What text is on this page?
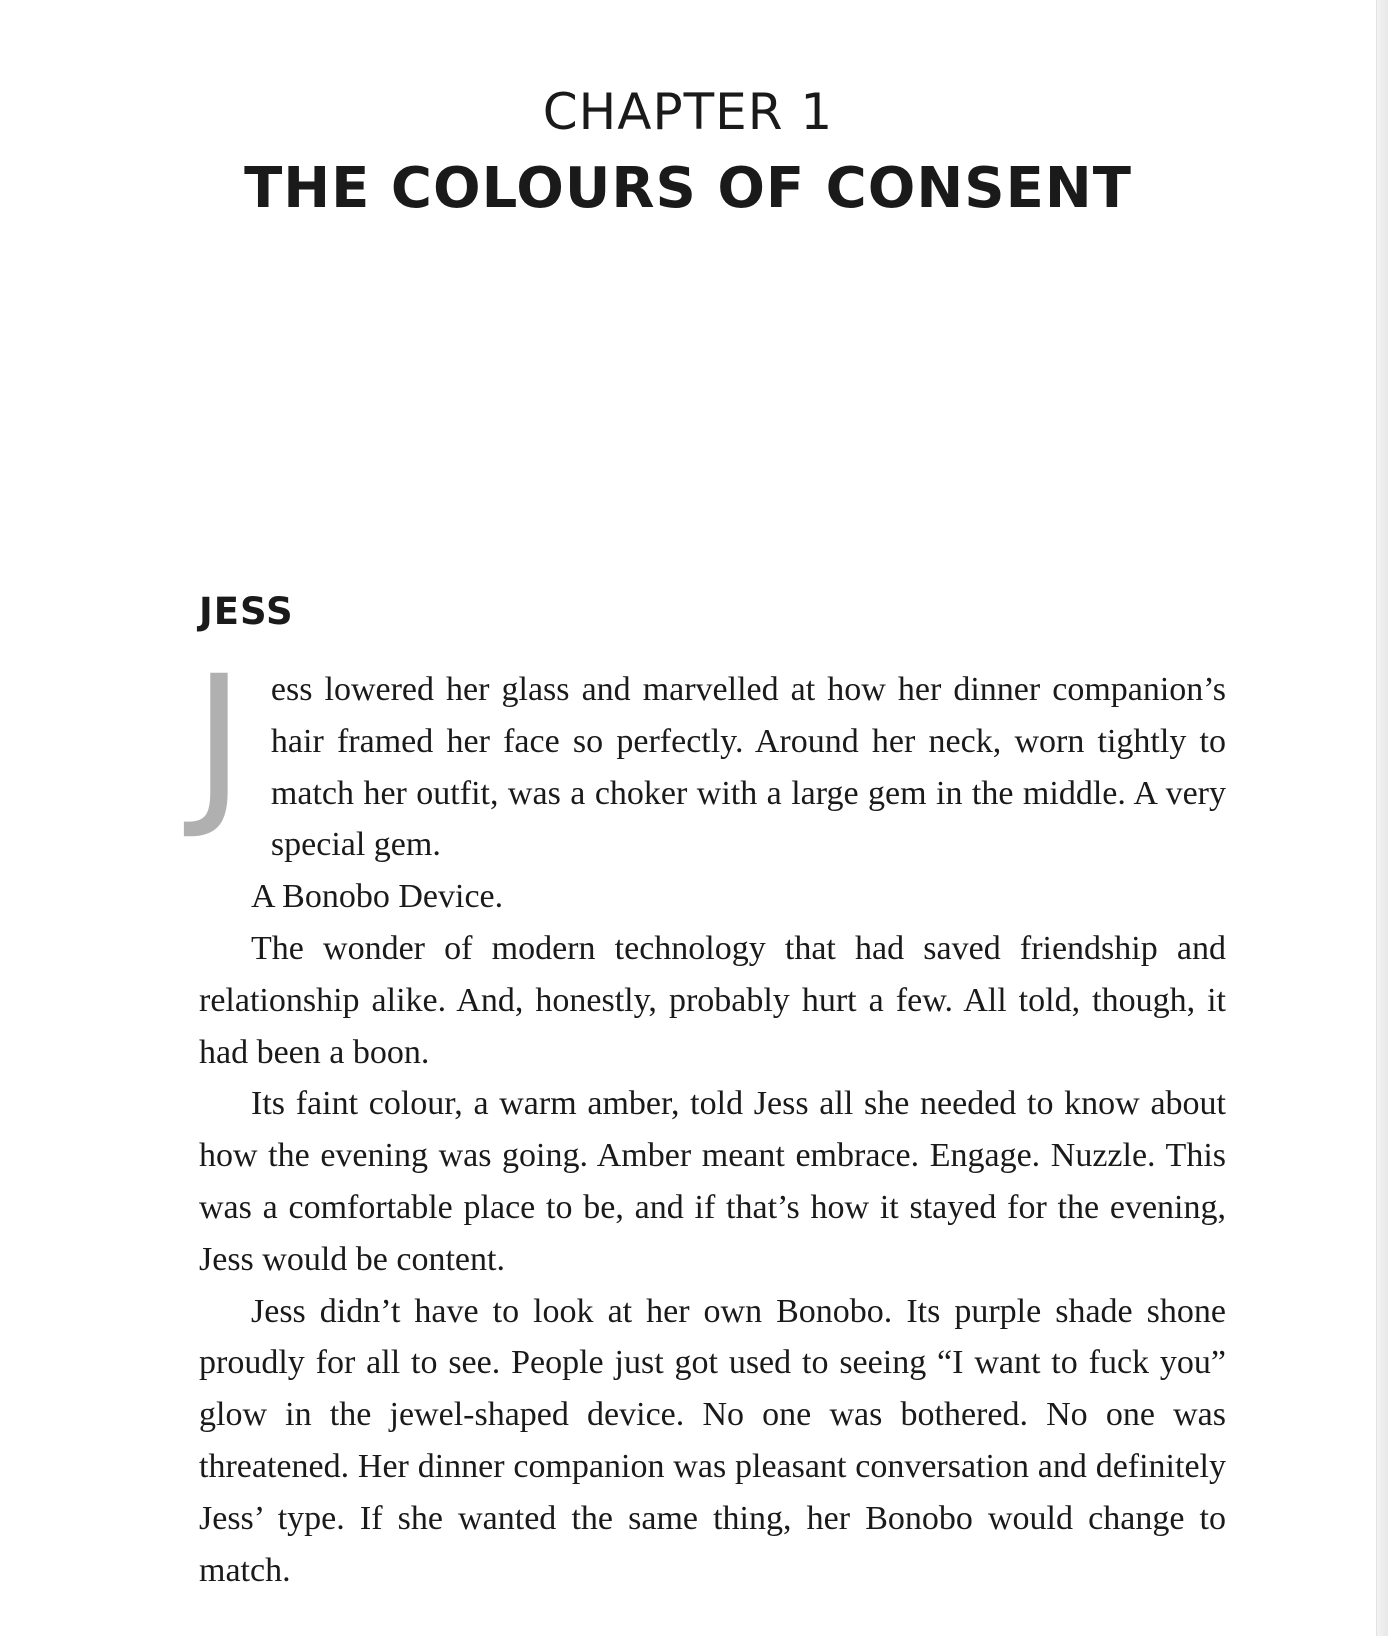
CHAPTER 1
THE COLOURS OF CONSENT
JESS

Jess lowered her glass and marvelled at how her dinner companion’s hair framed her face so perfectly. Around her neck, worn tightly to match her outfit, was a choker with a large gem in the middle. A very special gem.

A Bonobo Device.

The wonder of modern technology that had saved friendship and relationship alike. And, honestly, probably hurt a few. All told, though, it had been a boon.

Its faint colour, a warm amber, told Jess all she needed to know about how the evening was going. Amber meant embrace. Engage. Nuzzle. This was a comfortable place to be, and if that’s how it stayed for the evening, Jess would be content.

Jess didn’t have to look at her own Bonobo. Its purple shade shone proudly for all to see. People just got used to seeing “I want to fuck you” glow in the jewel-shaped device. No one was bothered. No one was threatened. Her dinner companion was pleasant conversation and definitely Jess’ type. If she wanted the same thing, her Bonobo would change to match.
